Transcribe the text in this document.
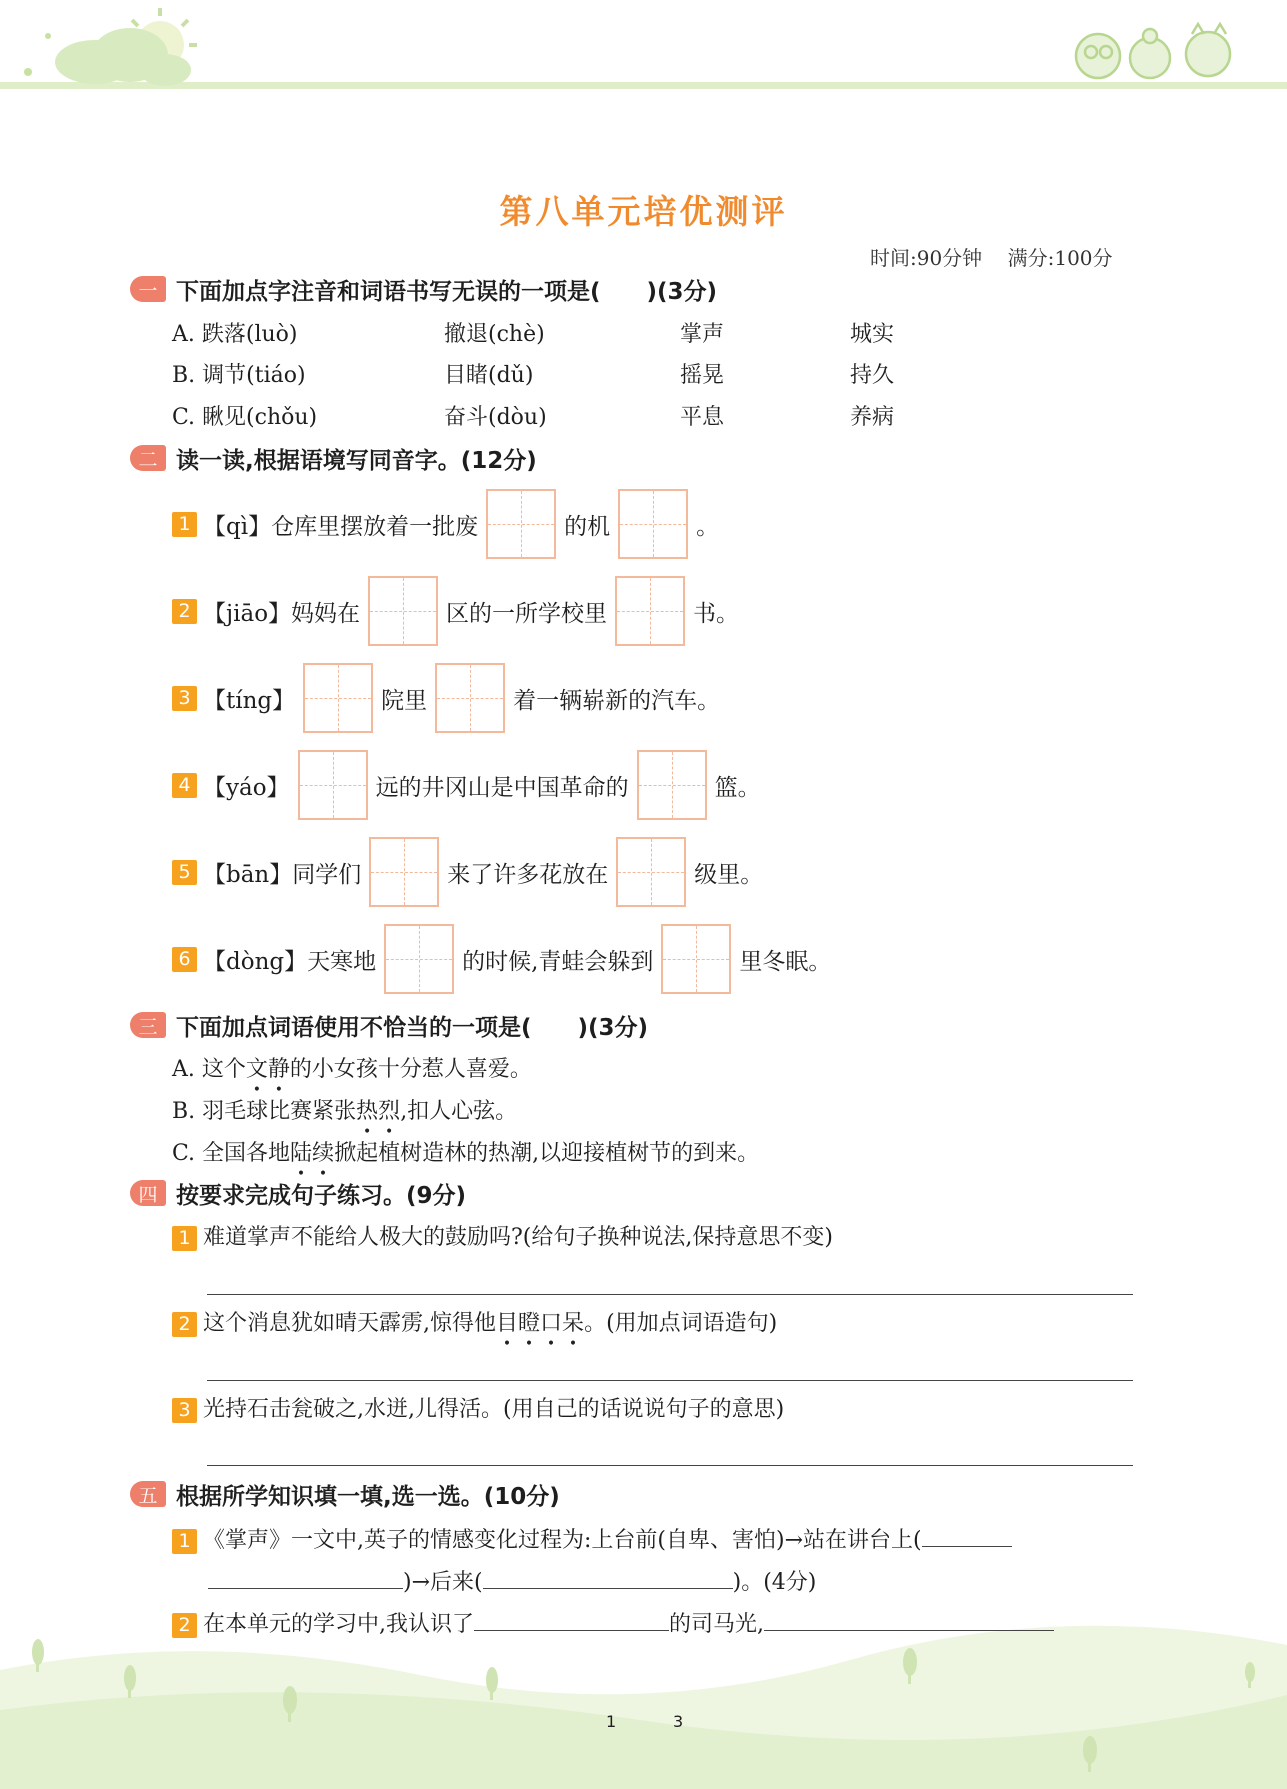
第八单元培优测评
时间:90分钟    满分:100分
一 下面加点字注音和词语书写无误的一项是(　　)(3分)
A. 跌落(luò)	撤退(chè)	掌声	城实
B. 调节(tiáo)	目睹(dǔ)	摇晃	持久
C. 瞅见(chǒu)	奋斗(dòu)	平息	养病
二 读一读,根据语境写同音字。(12分)
1 【qì】仓库里摆放着一批废	的机	。
2 【jiāo】妈妈在	区的一所学校里	书。
3 【tíng】	院里	着一辆崭新的汽车。
4 【yáo】	远的井冈山是中国革命的	篮。
5 【bān】同学们	来了许多花放在	级里。
6 【dòng】天寒地	的时候,青蛙会躲到	里冬眠。
三 下面加点词语使用不恰当的一项是(　　)(3分)
A. 这个文静的小女孩十分惹人喜爱。
B. 羽毛球比赛紧张热烈,扣人心弦。
C. 全国各地陆续掀起植树造林的热潮,以迎接植树节的到来。
四 按要求完成句子练习。(9分)
1 难道掌声不能给人极大的鼓励吗?(给句子换种说法,保持意思不变)
2 这个消息犹如晴天霹雳,惊得他目瞪口呆。(用加点词语造句)
3 光持石击瓮破之,水迸,儿得活。(用自己的话说说句子的意思)
五 根据所学知识填一填,选一选。(10分)
1 《掌声》一文中,英子的情感变化过程为:上台前(自卑、害怕)→站在讲台上(
)→后来(	)。(4分)
2 在本单元的学习中,我认识了	的司马光,
1	3
